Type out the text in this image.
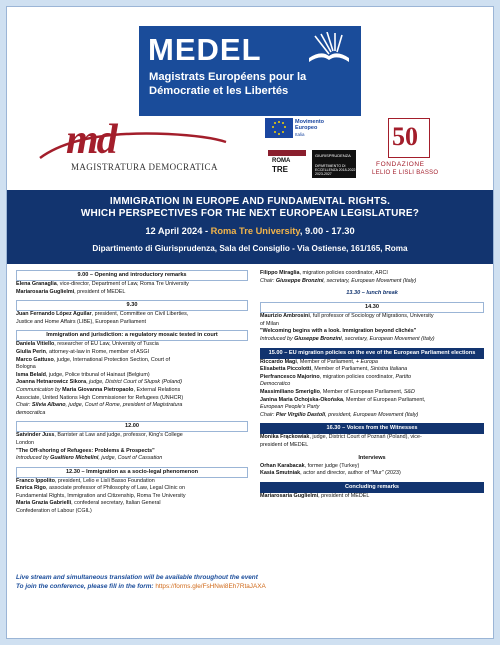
MEDEL
Magistrats Européens pour la Démocratie et les Libertés
md
MAGISTRATURA DEMOCRATICA
Movimento Europeo
Italia
ROMA
TRE
GIURISPRUDENZA
DIPARTIMENTO DI ECCELLENZA 2018-2022 2023-2027
50
FONDAZIONE
LELIO E LISLI BASSO
IMMIGRATION IN EUROPE AND FUNDAMENTAL RIGHTS.
WHICH PERSPECTIVES FOR THE NEXT EUROPEAN LEGISLATURE?
12 April 2024 - Roma Tre University, 9.00 - 17.30
Dipartimento di Giurisprudenza, Sala del Consiglio - Via Ostiense, 161/165, Roma
9.00 – Opening and introductory remarks
Elena Granaglia, vice-director, Department of Law, Roma Tre University
Mariarosaria Guglielmi, president of MEDEL
9.30
Juan Fernando López Aguilar, president, Committee on Civil Liberties,
Justice and Home Affairs (LIBE), European Parliament
Immigration and jurisdiction: a regulatory mosaic tested in court
Daniela Vitiello, researcher of EU Law, University of Tuscia
Giulia Perin, attorney-at-law in Rome, member of ASGI
Marco Gattuso, judge, International Protection Section, Court of
Bologna
Isma Belaïd, judge, Police tribunal of Hainaut (Belgium)
Joanna Hetnarowicz Sikora, judge, District Court of Słupsk (Poland)
Communication by Maria Giovanna Pietropaolo, External Relations
Associate, United Nations High Commissioner for Refugees (UNHCR)
Chair: Silvia Albano, judge, Court of Rome, president of Magistratura
democratica
12.00
Satvinder Juss, Barrister at Law and judge, professor, King's College
London
"The Off-shoring of Refugees: Problems & Prospects"
Introduced by Gualtiero Michelini, judge, Court of Cassation
12.30 – Immigration as a socio-legal phenomenon
Franco Ippolito, president, Lelio e Lisli Basso Foundation
Enrica Rigo, associate professor of Philosophy of Law, Legal Clinic on
Fundamental Rights, Immigration and Citizenship, Roma Tre University
Maria Grazia Gabrielli, confederal secretary, Italian General
Confederation of Labour (CGIL)
Filippo Miraglia, migration policies coordinator, ARCI
Chair: Giuseppe Bronzini, secretary, European Movement (Italy)
13.30 – lunch break
14.30
Maurizio Ambrosini, full professor of Sociology of Migrations, University
of Milan
"Welcoming begins with a look. Immigration beyond clichés"
Introduced by Giuseppe Bronzini, secretary, European Movement (Italy)
15.00 – EU migration policies on the eve of the European Parliament elections
Riccardo Magi, Member of Parliament, + Europa
Elisabetta Piccolotti, Member of Parliament, Sinistra Italiana
Pierfrancesco Majorino, migration policies coordinator, Partito
Democratico
Massimiliano Smeriglio, Member of European Parliament, S&D
Janina Maria Ochojska-Okońska, Member of European Parliament,
European People's Party
Chair: Pier Virgilio Dastoli, president, European Movement (Italy)
16.30 – Voices from the Witnesses
Monika Frąckowiak, judge, District Court of Poznań (Poland), vice-
president of MEDEL
Interviews
Orhan Karabacak, former judge (Turkey)
Kasia Smutniak, actor and director, author of "Mur" (2023)
Concluding remarks
Mariarosaria Guglielmi, president of MEDEL
Live stream and simultaneous translation will be available throughout the event
To join the conference, please fill in the form: https://forms.gle/FsHNwi8Eh7RtaJAXA
